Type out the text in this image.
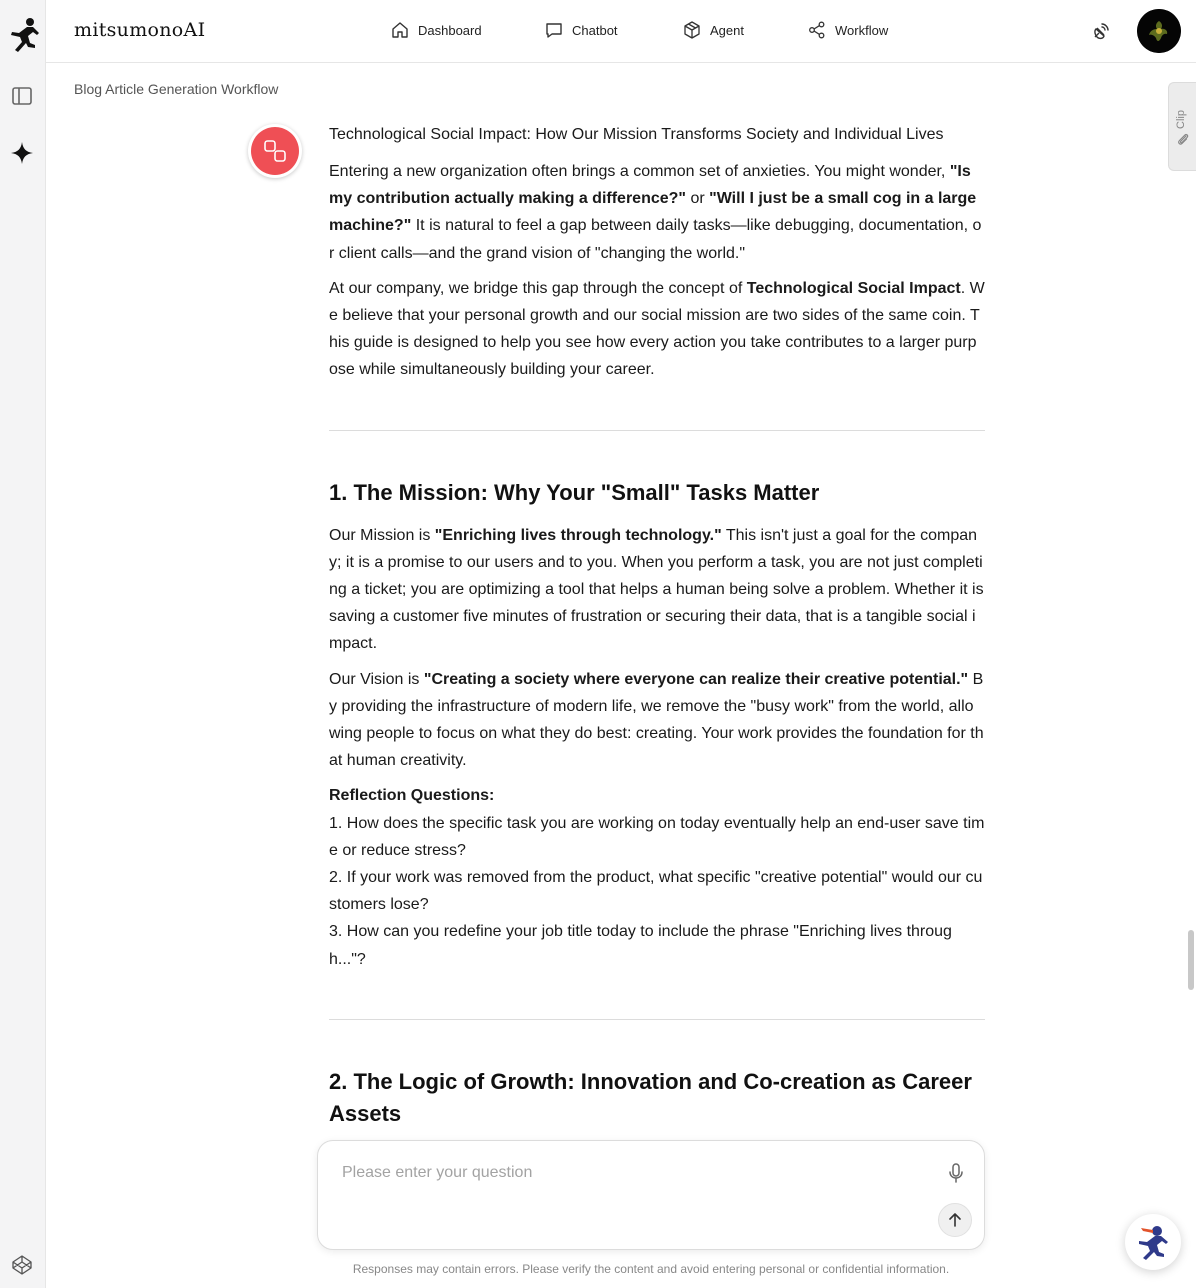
mitsumonoAI	Dashboard	Chatbot	Agent	Workflow
Blog Article Generation Workflow

Technological Social Impact: How Our Mission Transforms Society and Individual Lives

Entering a new organization often brings a common set of anxieties. You might wonder, "Is my contribution actually making a difference?" or "Will I just be a small cog in a large machine?" It is natural to feel a gap between daily tasks—like debugging, documentation, or client calls—and the grand vision of "changing the world."

At our company, we bridge this gap through the concept of Technological Social Impact. We believe that your personal growth and our social mission are two sides of the same coin. This guide is designed to help you see how every action you take contributes to a larger purpose while simultaneously building your career.

1. The Mission: Why Your "Small" Tasks Matter

Our Mission is "Enriching lives through technology." This isn't just a goal for the company; it is a promise to our users and to you. When you perform a task, you are not just completing a ticket; you are optimizing a tool that helps a human being solve a problem. Whether it is saving a customer five minutes of frustration or securing their data, that is a tangible social impact.

Our Vision is "Creating a society where everyone can realize their creative potential." By providing the infrastructure of modern life, we remove the "busy work" from the world, allowing people to focus on what they do best: creating. Your work provides the foundation for that human creativity.

Reflection Questions:

1. How does the specific task you are working on today eventually help an end-user save time or reduce stress?

2. If your work was removed from the product, what specific "creative potential" would our customers lose?

3. How can you redefine your job title today to include the phrase "Enriching lives through..."?

2. The Logic of Growth: Innovation and Co-creation as Career Assets
Clip
Please enter your question
Responses may contain errors. Please verify the content and avoid entering personal or confidential information.
